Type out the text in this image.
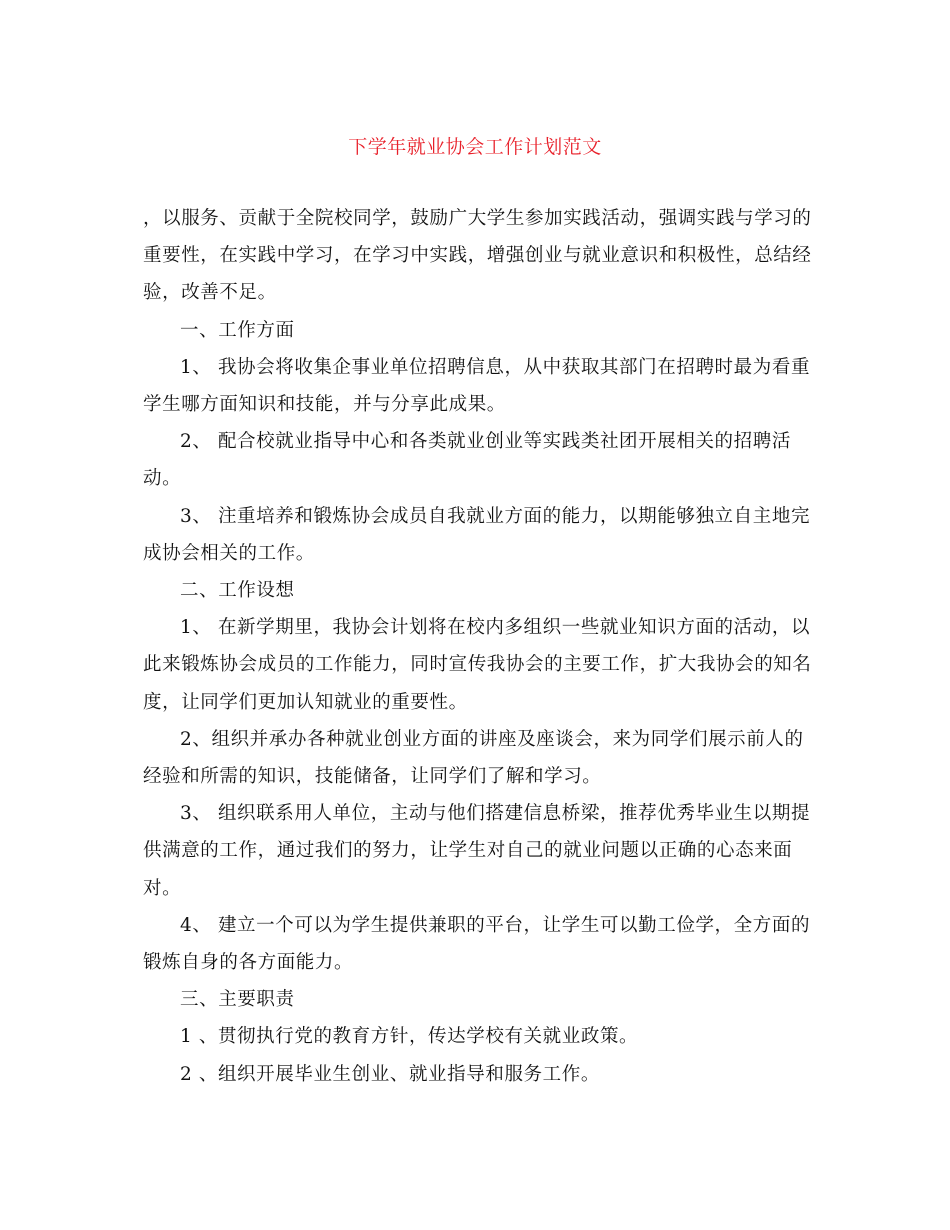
下学年就业协会工作计划范文

，以服务、贡献于全院校同学，鼓励广大学生参加实践活动，强调实践与学习的重要性，在实践中学习，在学习中实践，增强创业与就业意识和积极性，总结经验，改善不足。

一、工作方面

1、 我协会将收集企事业单位招聘信息，从中获取其部门在招聘时最为看重学生哪方面知识和技能，并与分享此成果。

2、 配合校就业指导中心和各类就业创业等实践类社团开展相关的招聘活动。

3、 注重培养和锻炼协会成员自我就业方面的能力，以期能够独立自主地完成协会相关的工作。

二、工作设想

1、 在新学期里，我协会计划将在校内多组织一些就业知识方面的活动，以此来锻炼协会成员的工作能力，同时宣传我协会的主要工作，扩大我协会的知名度，让同学们更加认知就业的重要性。

2、组织并承办各种就业创业方面的讲座及座谈会，来为同学们展示前人的经验和所需的知识，技能储备，让同学们了解和学习。

3、 组织联系用人单位，主动与他们搭建信息桥梁，推荐优秀毕业生以期提供满意的工作，通过我们的努力，让学生对自己的就业问题以正确的心态来面对。

4、 建立一个可以为学生提供兼职的平台，让学生可以勤工俭学，全方面的锻炼自身的各方面能力。

三、主要职责

1 、贯彻执行党的教育方针，传达学校有关就业政策。

2 、组织开展毕业生创业、就业指导和服务工作。
